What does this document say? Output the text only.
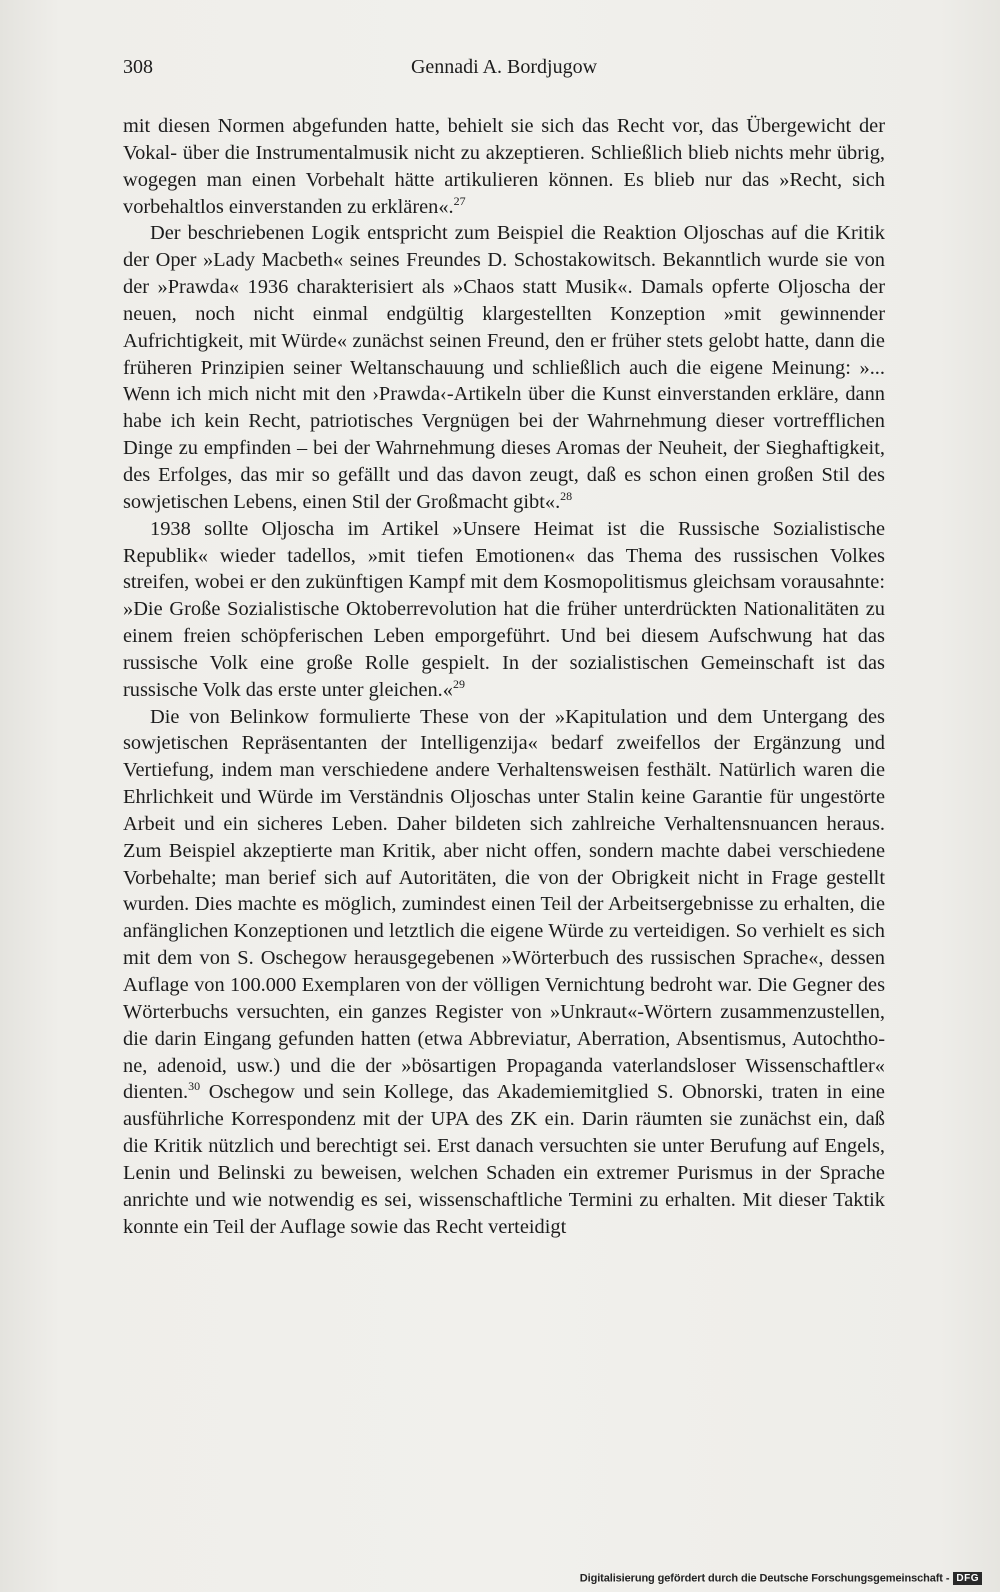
308	Gennadi A. Bordjugow

mit diesen Normen abgefunden hatte, behielt sie sich das Recht vor, das Übergewicht der Vokal- über die Instrumentalmusik nicht zu akzeptieren. Schließlich blieb nichts mehr übrig, wogegen man einen Vorbehalt hätte artikulieren können. Es blieb nur das »Recht, sich vorbehaltlos einverstanden zu erklären«.$^{27}$

Der beschriebenen Logik entspricht zum Beispiel die Reaktion Oljoschas auf die Kritik der Oper »Lady Macbeth« seines Freundes D. Schostakowitsch. Bekanntlich wurde sie von der »Prawda« 1936 charakterisiert als »Chaos statt Musik«. Damals opferte Oljoscha der neuen, noch nicht einmal endgültig klargestellten Konzeption »mit gewinnender Aufrichtigkeit, mit Würde« zunächst seinen Freund, den er früher stets gelobt hatte, dann die früheren Prinzipien seiner Weltanschauung und schließlich auch die eigene Meinung: »... Wenn ich mich nicht mit den ›Prawda‹-Artikeln über die Kunst einverstanden erkläre, dann habe ich kein Recht, patriotisches Vergnügen bei der Wahrnehmung dieser vortrefflichen Dinge zu empfinden – bei der Wahrnehmung dieses Aromas der Neuheit, der Sieghaftigkeit, des Erfolges, das mir so gefällt und das davon zeugt, daß es schon einen großen Stil des sowjetischen Lebens, einen Stil der Großmacht gibt«.$^{28}$

1938 sollte Oljoscha im Artikel »Unsere Heimat ist die Russische Sozialistische Republik« wieder tadellos, »mit tiefen Emotionen« das Thema des russischen Volkes streifen, wobei er den zukünftigen Kampf mit dem Kosmopolitismus gleichsam vorausahnte: »Die Große Sozialistische Oktoberrevolution hat die früher unterdrückten Nationalitäten zu einem freien schöpferischen Leben emporgeführt. Und bei diesem Aufschwung hat das russische Volk eine große Rolle gespielt. In der sozialistischen Gemeinschaft ist das russische Volk das erste unter gleichen.«$^{29}$

Die von Belinkow formulierte These von der »Kapitulation und dem Untergang des sowjetischen Repräsentanten der Intelligenzija« bedarf zweifellos der Ergänzung und Vertiefung, indem man verschiedene andere Verhaltensweisen festhält. Natürlich waren die Ehrlichkeit und Würde im Verständnis Oljoschas unter Stalin keine Garantie für ungestörte Arbeit und ein sicheres Leben. Daher bildeten sich zahlreiche Verhaltensnuancen heraus. Zum Beispiel akzeptierte man Kritik, aber nicht offen, sondern machte dabei verschiedene Vorbehalte; man berief sich auf Autoritäten, die von der Obrigkeit nicht in Frage gestellt wurden. Dies machte es möglich, zumindest einen Teil der Arbeitsergebnisse zu erhalten, die anfänglichen Konzeptionen und letztlich die eigene Würde zu verteidigen. So verhielt es sich mit dem von S. Oschegow herausgegebenen »Wörterbuch des russischen Sprache«, dessen Auflage von 100.000 Exemplaren von der völligen Vernichtung bedroht war. Die Gegner des Wörterbuchs versuchten, ein ganzes Register von »Unkraut«-Wörtern zusammenzustellen, die darin Eingang gefunden hatten (etwa Abbreviatur, Aberration, Absentismus, Autochthone, adenoid, usw.) und die der »bösartigen Propaganda vaterlandsloser Wissenschaftler« dienten.$^{30}$ Oschegow und sein Kollege, das Akademiemitglied S. Obnorski, traten in eine ausführliche Korrespondenz mit der UPA des ZK ein. Darin räumten sie zunächst ein, daß die Kritik nützlich und berechtigt sei. Erst danach versuchten sie unter Berufung auf Engels, Lenin und Belinski zu beweisen, welchen Schaden ein extremer Purismus in der Sprache anrichte und wie notwendig es sei, wissenschaftliche Termini zu erhalten. Mit dieser Taktik konnte ein Teil der Auflage sowie das Recht verteidigt

Digitalisierung gefördert durch die Deutsche Forschungsgemeinschaft - DFG
